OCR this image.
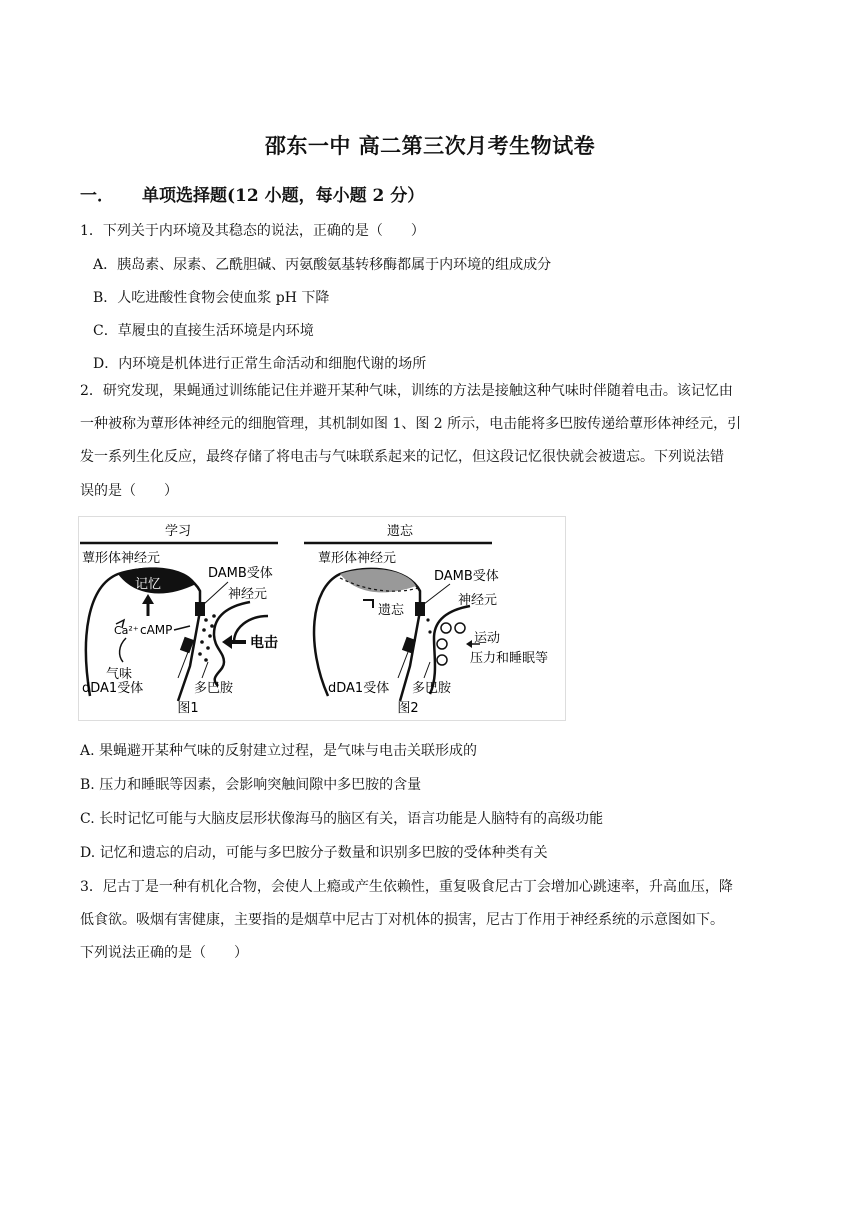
邵东一中 高二第三次月考生物试卷
一． 单项选择题(12 小题，每小题 2 分）
1．下列关于内环境及其稳态的说法，正确的是（　　）
A．胰岛素、尿素、乙酰胆碱、丙氨酸氨基转移酶都属于内环境的组成成分
B．人吃进酸性食物会使血浆 pH 下降
C．草履虫的直接生活环境是内环境
D．内环境是机体进行正常生命活动和细胞代谢的场所
2．研究发现，果蝇通过训练能记住并避开某种气味，训练的方法是接触这种气味时伴随着电击。该记忆由
一种被称为蕈形体神经元的细胞管理，其机制如图 1、图 2 所示，电击能将多巴胺传递给蕈形体神经元，引
发一系列生化反应，最终存储了将电击与气味联系起来的记忆，但这段记忆很快就会被遗忘。下列说法错
误的是（　　）
学习
蕈形体神经元
记忆
Ca²⁺ cAMP
气味
DAMB受体
神经元
电击
dDA1受体	多巴胺
图1
遗忘
蕈形体神经元
遗忘
DAMB受体
神经元
运动
压力和睡眠等
dDA1受体 多巴胺
图2
A. 果蝇避开某种气味的反射建立过程，是气味与电击关联形成的
B. 压力和睡眠等因素，会影响突触间隙中多巴胺的含量
C. 长时记忆可能与大脑皮层形状像海马的脑区有关，语言功能是人脑特有的高级功能
D. 记忆和遗忘的启动，可能与多巴胺分子数量和识别多巴胺的受体种类有关
3．尼古丁是一种有机化合物，会使人上瘾或产生依赖性，重复吸食尼古丁会增加心跳速率，升高血压，降
低食欲。吸烟有害健康，主要指的是烟草中尼古丁对机体的损害，尼古丁作用于神经系统的示意图如下。
下列说法正确的是（　　）
